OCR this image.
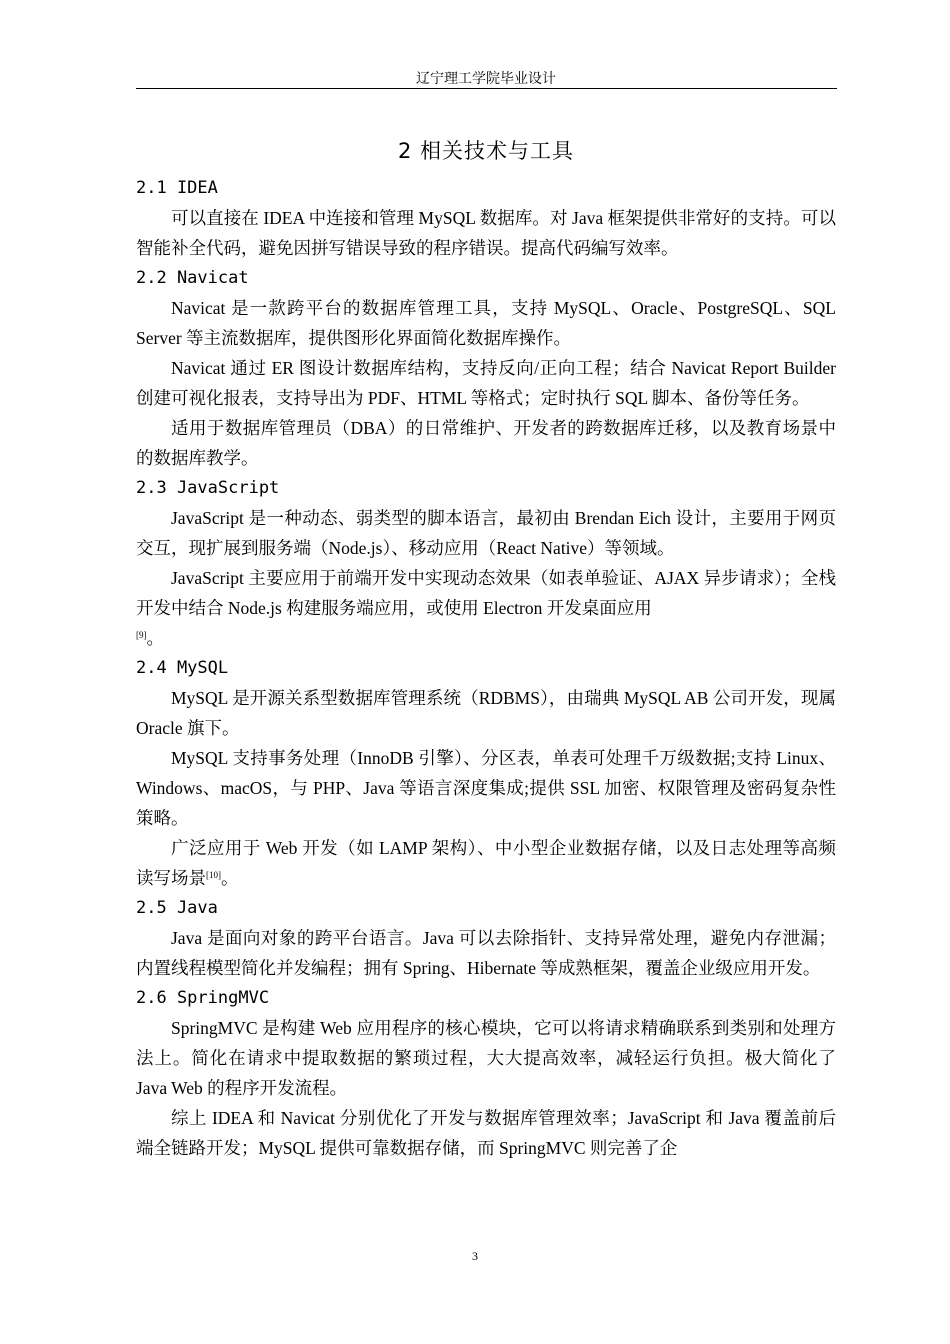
辽宁理工学院毕业设计
2 相关技术与工具
2.1 IDEA

可以直接在 IDEA 中连接和管理 MySQL 数据库。对 Java 框架提供非常好的支持。可以智能补全代码，避免因拼写错误导致的程序错误。提高代码编写效率。

2.2 Navicat

Navicat 是一款跨平台的数据库管理工具，支持 MySQL、Oracle、PostgreSQL、SQL Server 等主流数据库，提供图形化界面简化数据库操作。

Navicat 通过 ER 图设计数据库结构，支持反向/正向工程；结合 Navicat Report Builder 创建可视化报表，支持导出为 PDF、HTML 等格式；定时执行 SQL 脚本、备份等任务。

适用于数据库管理员（DBA）的日常维护、开发者的跨数据库迁移，以及教育场景中的数据库教学。

2.3 JavaScript

JavaScript 是一种动态、弱类型的脚本语言，最初由 Brendan Eich 设计，主要用于网页交互，现扩展到服务端（Node.js）、移动应用（React Native）等领域。

JavaScript 主要应用于前端开发中实现动态效果（如表单验证、AJAX 异步请求）；全栈开发中结合 Node.js 构建服务端应用，或使用 Electron 开发桌面应用
[9]。

2.4 MySQL

MySQL 是开源关系型数据库管理系统（RDBMS），由瑞典 MySQL AB 公司开发，现属 Oracle 旗下。

MySQL 支持事务处理（InnoDB 引擎）、分区表，单表可处理千万级数据;支持 Linux、Windows、macOS，与 PHP、Java 等语言深度集成;提供 SSL 加密、权限管理及密码复杂性策略。

广泛应用于 Web 开发（如 LAMP 架构）、中小型企业数据存储，以及日志处理等高频读写场景[10]。

2.5 Java

Java 是面向对象的跨平台语言。Java 可以去除指针、支持异常处理，避免内存泄漏；内置线程模型简化并发编程；拥有 Spring、Hibernate 等成熟框架，覆盖企业级应用开发。

2.6 SpringMVC

SpringMVC 是构建 Web 应用程序的核心模块，它可以将请求精确联系到类别和处理方法上。简化在请求中提取数据的繁琐过程，大大提高效率，减轻运行负担。极大简化了 Java Web 的程序开发流程。

综上 IDEA 和 Navicat 分别优化了开发与数据库管理效率；JavaScript 和 Java 覆盖前后端全链路开发；MySQL 提供可靠数据存储，而 SpringMVC 则完善了企

3
